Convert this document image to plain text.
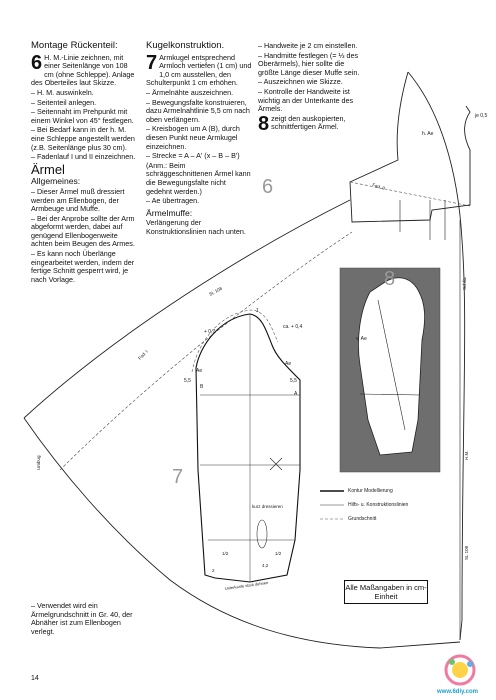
Montage Rückenteil:

6 H. M.-Linie zeichnen, mit einer Seitenlänge von 108 cm (ohne Schleppe). Anlage des Oberteiles laut Skizze.

– H. M. auswinkeln.

– Seitenteil anlegen.

– Seitennaht im Prehpunkt mit einem Winkel von 45° festlegen.

– Bei Bedarf kann in der h. M. eine Schleppe angestellt werden (z.B. Seitenlänge plus 30 cm).

– Fadenlauf I und II einzeichnen.

Ärmel
Allgemeines:

– Dieser Ärmel muß dressiert werden am Ellenbogen, der Armbeuge und Muffe.

– Bei der Anprobe sollte der Arm abgeformt werden, dabei auf genügend Ellenbogenweite achten beim Beugen des Armes.

– Es kann noch Überlänge eingearbeitet werden, indem der fertige Schnitt gesperrt wird, je nach Vorlage.

Kugelkonstruktion.

7 Armkugel entsprechend Armloch vertiefen (1 cm) und 1,0 cm ausstellen, den Schulterpunkt 1 cm erhöhen.

– Ärmelnähte auszeichnen.

– Bewegungsfalte konstruieren, dazu Armelnahtlinie 5,5 cm nach oben verlängern.

– Kreisbogen um A (B), durch diesen Punkt neue Armkugel einzeichnen.

– Strecke = A – A' (x – B – B')

(Anm.: Beim schräggeschnittenen Ärmel kann die Bewegungsfalte nicht gedehnt werden.)

– Ae übertragen.

Ärmelmuffe:

Verlängerung der Konstruktionslinien nach unten.

– Handweite je 2 cm einstellen.

– Handmitte festlegen (= ⅓ des Oberärmels), hier sollte die größte Länge dieser Muffe sein.

– Auszeichnen wie Skizze.

– Kontrolle der Handweite ist wichtig an der Unterkante des Ärmels.

8 zeigt den auskopierten, schnittfertigen Ärmel.

– Verwendet wird ein Ärmelgrundschnitt in Gr. 40, der Abnäher ist zum Ellenbogen verlegt.
14
6
7
8
je 0,5
h. Ae
SL 108
Fad. I
Fad. II
Umbug
Schlitz
H.M.
SL 108
v. Ae
ca. + 0,4
+ 0,7
5,5	5,5
Ae
Ae
B
A
1
kurz dressieren
1/2	1/2
2
4,2
Unterkante stark dehnen
Kontur Modellierung
Hilfs- u. Konstruktionslinien
Grundschnitt
Alle Maßangaben in cm-Einheit
www.6diy.com
